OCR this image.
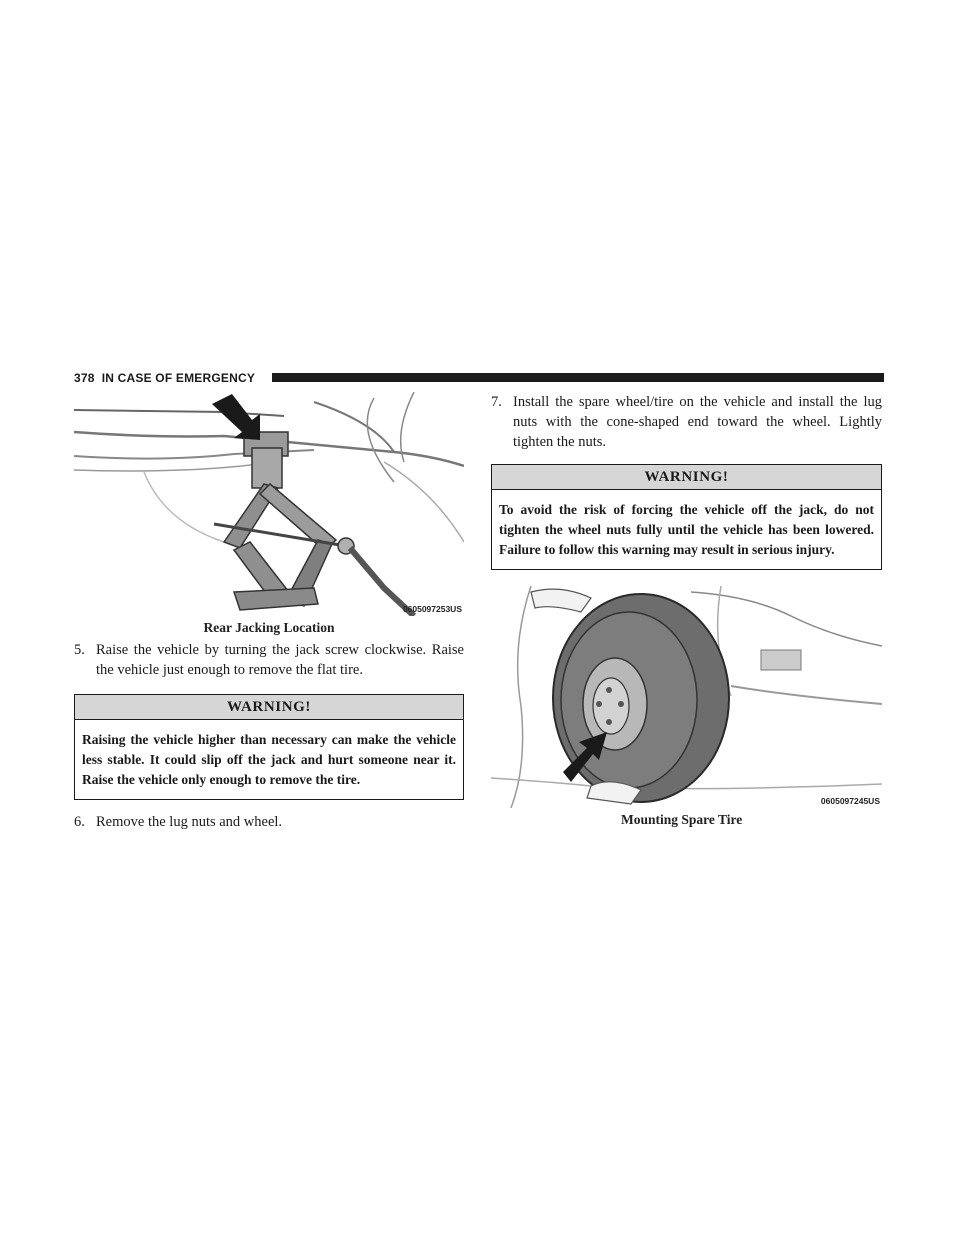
378 IN CASE OF EMERGENCY
0605097253US
Rear Jacking Location

5. Raise the vehicle by turning the jack screw clockwise. Raise the vehicle just enough to remove the flat tire.

WARNING!
Raising the vehicle higher than necessary can make the vehicle less stable. It could slip off the jack and hurt someone near it. Raise the vehicle only enough to remove the tire.

6. Remove the lug nuts and wheel.

7. Install the spare wheel/tire on the vehicle and install the lug nuts with the cone-shaped end toward the wheel. Lightly tighten the nuts.

WARNING!
To avoid the risk of forcing the vehicle off the jack, do not tighten the wheel nuts fully until the vehicle has been lowered. Failure to follow this warning may result in serious injury.
0605097245US
Mounting Spare Tire
